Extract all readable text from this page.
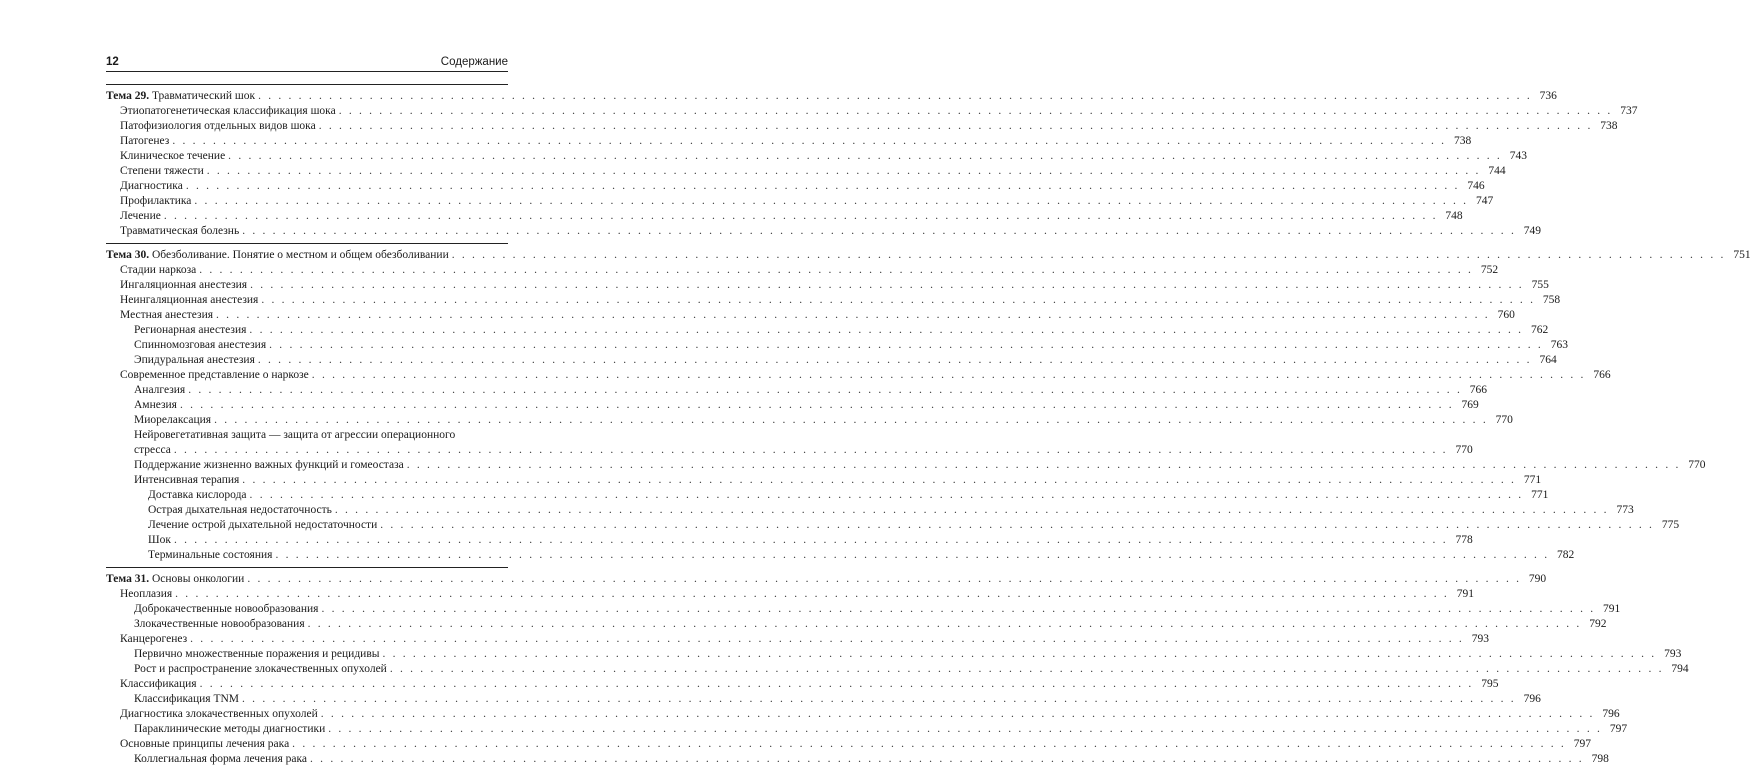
12	Содержание
Тема 29. Травматический шок . . .	736
Этиопатогенетическая классификация шока . . .	737
Патофизиология отдельных видов шока . . .	738
Патогенез . . .	738
Клиническое течение . . .	743
Степени тяжести . . .	744
Диагностика . . .	746
Профилактика . . .	747
Лечение . . .	748
Травматическая болезнь . . .	749
Тема 30. Обезболивание. Понятие о местном и общем обезболивании . . .	751
Стадии наркоза . . .	752
Ингаляционная анестезия . . .	755
Неингаляционная анестезия . . .	758
Местная анестезия . . .	760
Регионарная анестезия . . .	762
Спинномозговая анестезия . . .	763
Эпидуральная анестезия . . .	764
Современное представление о наркозе . . .	766
Аналгезия . . .	766
Амнезия . . .	769
Миорелаксация . . .	770
Нейровегетативная защита — защита от агрессии операционного
стресса . . .	770
Поддержание жизненно важных функций и гомеостаза . . .	770
Интенсивная терапия . . .	771
Доставка кислорода . . .	771
Острая дыхательная недостаточность . . .	773
Лечение острой дыхательной недостаточности . . .	775
Шок . . .	778
Терминальные состояния . . .	782
Тема 31. Основы онкологии . . .	790
Неоплазия . . .	791
Доброкачественные новообразования . . .	791
Злокачественные новообразования . . .	792
Канцерогенез . . .	793
Первично множественные поражения и рецидивы . . .	793
Рост и распространение злокачественных опухолей . . .	794
Классификация . . .	795
Классификация TNM . . .	796
Диагностика злокачественных опухолей . . .	796
Параклинические методы диагностики . . .	797
Основные принципы лечения рака . . .	797
Коллегиальная форма лечения рака . . .	798
